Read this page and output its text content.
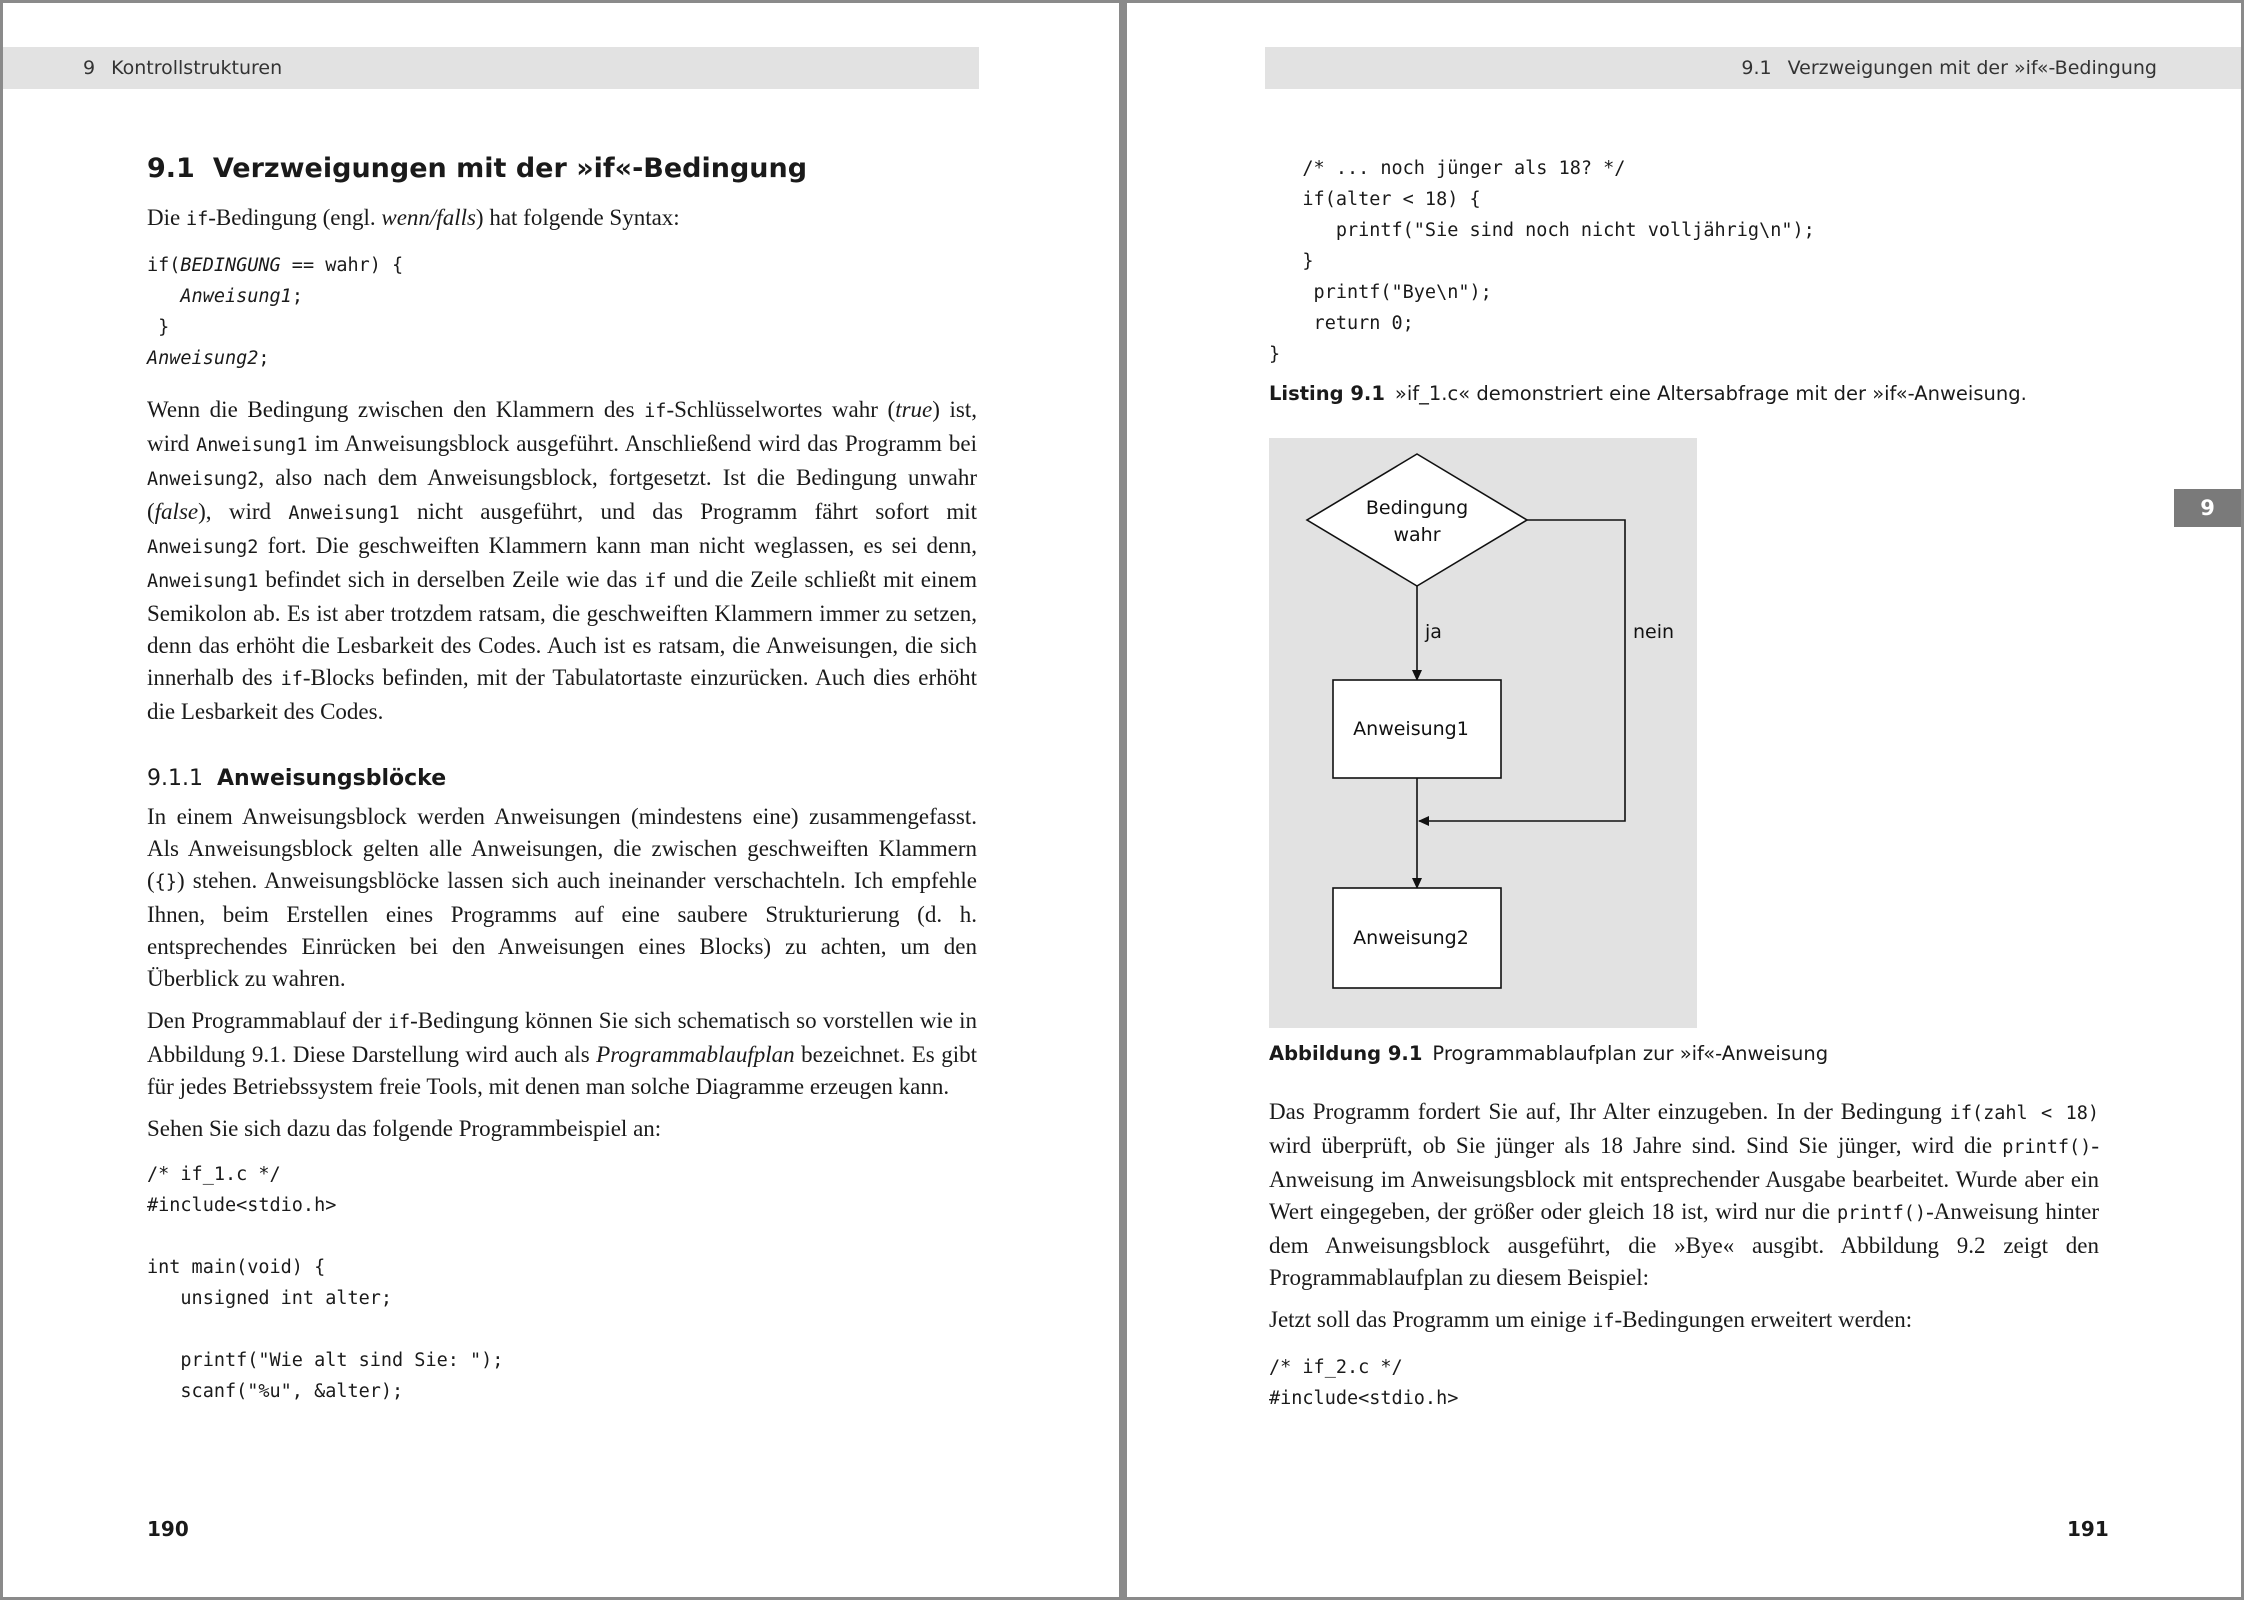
9 Kontrollstrukturen
9.1 Verzweigungen mit der »if«-Bedingung

Die if-Bedingung (engl. wenn/falls) hat folgende Syntax:

if(BEDINGUNG == wahr) {
Anweisung1;
}
Anweisung2;

Wenn die Bedingung zwischen den Klammern des if-Schlüsselwortes wahr (true) ist, wird Anweisung1 im Anweisungsblock ausgeführt. Anschließend wird das Programm bei Anweisung2, also nach dem Anweisungsblock, fortgesetzt. Ist die Bedingung unwahr (false), wird Anweisung1 nicht ausgeführt, und das Programm fährt sofort mit Anweisung2 fort. Die geschweiften Klammern kann man nicht weglassen, es sei denn, Anweisung1 befindet sich in derselben Zeile wie das if und die Zeile schließt mit einem Semikolon ab. Es ist aber trotzdem ratsam, die geschweiften Klammern immer zu setzen, denn das erhöht die Lesbarkeit des Codes. Auch ist es ratsam, die Anweisungen, die sich innerhalb des if-Blocks befinden, mit der Tabulatortaste einzurücken. Auch dies erhöht die Lesbarkeit des Codes.

9.1.1 Anweisungsblöcke

In einem Anweisungsblock werden Anweisungen (mindestens eine) zusammengefasst. Als Anweisungsblock gelten alle Anweisungen, die zwischen geschweiften Klammern ({}) stehen. Anweisungsblöcke lassen sich auch ineinander verschachteln. Ich empfehle Ihnen, beim Erstellen eines Programms auf eine saubere Strukturierung (d. h. entsprechendes Einrücken bei den Anweisungen eines Blocks) zu achten, um den Überblick zu wahren.

Den Programmablauf der if-Bedingung können Sie sich schematisch so vorstellen wie in Abbildung 9.1. Diese Darstellung wird auch als Programmablaufplan bezeichnet. Es gibt für jedes Betriebssystem freie Tools, mit denen man solche Diagramme erzeugen kann.

Sehen Sie sich dazu das folgende Programmbeispiel an:

/* if_1.c */
#include<stdio.h>

int main(void) {
unsigned int alter;

printf("Wie alt sind Sie: ");
scanf("%u", &alter);
190
9.1 Verzweigungen mit der »if«-Bedingung
9
/* ... noch jünger als 18? */
if(alter < 18) {
printf("Sie sind noch nicht volljährig\n");
}
printf("Bye\n");
return 0;
}
Listing 9.1 »if_1.c« demonstriert eine Altersabfrage mit der »if«-Anweisung.
Bedingung
wahr
ja
Anweisung1
nein
Anweisung2
Abbildung 9.1 Programmablaufplan zur »if«-Anweisung

Das Programm fordert Sie auf, Ihr Alter einzugeben. In der Bedingung if(zahl < 18) wird überprüft, ob Sie jünger als 18 Jahre sind. Sind Sie jünger, wird die printf()-Anweisung im Anweisungsblock mit entsprechender Ausgabe bearbeitet. Wurde aber ein Wert eingegeben, der größer oder gleich 18 ist, wird nur die printf()-Anweisung hinter dem Anweisungsblock ausgeführt, die »Bye« ausgibt. Abbildung 9.2 zeigt den Programmablaufplan zu diesem Beispiel:

Jetzt soll das Programm um einige if-Bedingungen erweitert werden:

/* if_2.c */
#include<stdio.h>
191
